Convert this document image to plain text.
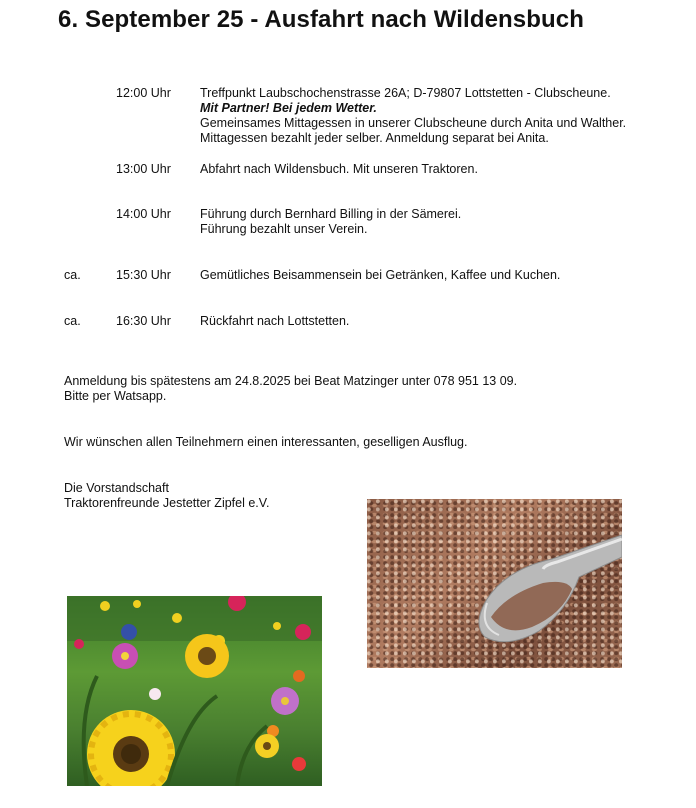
6. September 25 - Ausfahrt nach Wildensbuch
12:00 Uhr Treffpunkt Laubschochenstrasse 26A; D-79807 Lottstetten - Clubscheune.
Mit Partner! Bei jedem Wetter.
Gemeinsames Mittagessen in unserer Clubscheune durch Anita und Walther.
Mittagessen bezahlt jeder selber. Anmeldung separat bei Anita.
13:00 Uhr Abfahrt nach Wildensbuch. Mit unseren Traktoren.
14:00 Uhr Führung durch Bernhard Billing in der Sämerei.
Führung bezahlt unser Verein.
ca.	15:30 Uhr Gemütliches Beisammensein bei Getränken, Kaffee und Kuchen.
ca.	16:30 Uhr Rückfahrt nach Lottstetten.
Anmeldung bis spätestens am 24.8.2025 bei Beat Matzinger unter 078 951 13 09.
Bitte per Watsapp.
Wir wünschen allen Teilnehmern einen interessanten, geselligen Ausflug.
Die Vorstandschaft
Traktorenfreunde Jestetter Zipfel e.V.
